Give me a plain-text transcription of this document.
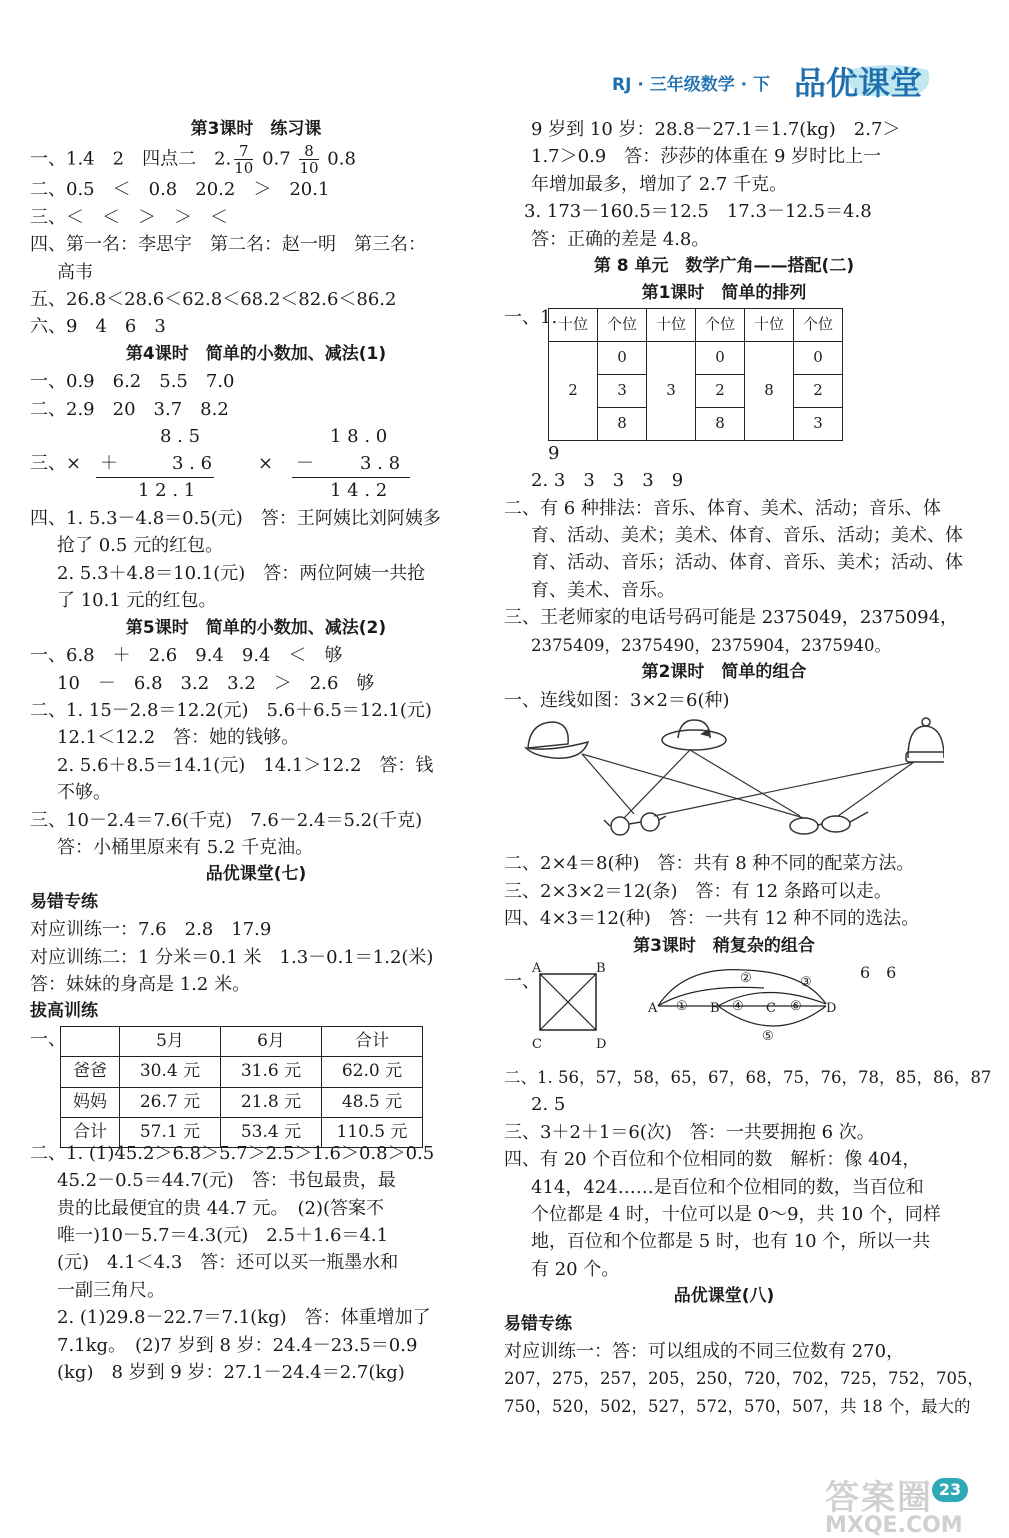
RJ · 三年级数学 · 下 品优课堂
第3课时　练习课
一、1.4　2　四点二　2. $\frac{7}{10} 0.7 \frac{8}{10} 0.8$
二、0.5　＜　0.8　20.2　＞　20.1
三、＜　＜　＞　＞　＜
四、第一名：李思宇　第二名：赵一明　第三名：
高韦
五、26.8＜28.6＜62.8＜68.2＜82.6＜86.2
六、9　4　6　3
第4课时　简单的小数加、减法(1)
一、0.9　6.2　5.5　7.0
二、2.9　20　3.7　8.2
三、×
8 . 5
＋	3 . 6
1 2 . 1
×
1 8 . 0
－	3 . 8
1 4 . 2
四、1. 5.3－4.8＝0.5(元)　答：王阿姨比刘阿姨多
抢了 0.5 元的红包。
2. 5.3＋4.8＝10.1(元)　答：两位阿姨一共抢
了 10.1 元的红包。
第5课时　简单的小数加、减法(2)
一、6.8　＋　2.6　9.4　9.4　＜　够
10　－　6.8　3.2　3.2　＞　2.6　够
二、1. 15－2.8＝12.2(元)　5.6＋6.5＝12.1(元)
12.1＜12.2　答：她的钱够。
2. 5.6＋8.5＝14.1(元)　14.1＞12.2　答：钱
不够。
三、10－2.4＝7.6(千克)　7.6－2.4＝5.2(千克)
答：小桶里原来有 5.2 千克油。
品优课堂(七)
易错专练
对应训练一：7.6　2.8　17.9
对应训练二：1 分米＝0.1 米　1.3－0.1＝1.2(米)
答：妹妹的身高是 1.2 米。
拔高训练
一、
		5月	6月	合计
爸爸	30.4 元	31.6 元	62.0 元
妈妈	26.7 元	21.8 元	48.5 元
合计	57.1 元	53.4 元	110.5 元
二、1. (1)45.2＞6.8＞5.7＞2.5＞1.6＞0.8＞0.5
45.2－0.5＝44.7(元)　答：书包最贵，最
贵的比最便宜的贵 44.7 元。　(2)(答案不
唯一)10－5.7＝4.3(元)　2.5＋1.6＝4.1
(元)　4.1＜4.3　答：还可以买一瓶墨水和
一副三角尺。
2. (1)29.8－22.7＝7.1(kg)　答：体重增加了
7.1kg。　(2)7 岁到 8 岁：24.4－23.5＝0.9
(kg)　8 岁到 9 岁：27.1－24.4＝2.7(kg)
9 岁到 10 岁：28.8－27.1＝1.7(kg)　2.7＞
1.7＞0.9　答：莎莎的体重在 9 岁时比上一
年增加最多，增加了 2.7 千克。
3. 173－160.5＝12.5　17.3－12.5＝4.8
答：正确的差是 4.8。
第 8 单元　数学广角——搭配(二)
第1课时　简单的排列
一、1. 十位	个位	十位	个位	十位	个位
2	0	3	0	8	0
	3		2		2
	8		8		3
9
2. 3　3　3　3　9
二、有 6 种排法：音乐、体育、美术、活动；音乐、体
育、活动、美术；美术、体育、音乐、活动；美术、体
育、活动、音乐；活动、体育、音乐、美术；活动、体
育、美术、音乐。
三、王老师家的电话号码可能是 2375049，2375094，
2375409，2375490，2375904，2375940。
第2课时　简单的组合
一、连线如图：3×2＝6(种)
二、2×4＝8(种)　答：共有 8 种不同的配菜方法。
三、2×3×2＝12(条)　答：有 12 条路可以走。
四、4×3＝12(种)　答：一共有 12 种不同的选法。
第3课时　稍复杂的组合
一、
A	B
C	D
A ① B ④ C ⑥ D
②	③
⑤
6　6
二、1. 56，57，58，65，67，68，75，76，78，85，86，87
2. 5
三、3＋2＋1＝6(次)　答：一共要拥抱 6 次。
四、有 20 个百位和个位相同的数　解析：像 404，
414，424……是百位和个位相同的数，当百位和
个位都是 4 时，十位可以是 0～9，共 10 个，同样
地，百位和个位都是 5 时，也有 10 个，所以一共
有 20 个。
品优课堂(八)
易错专练
对应训练一：答：可以组成的不同三位数有 270，
207，275，257，205，250，720，702，725，752，705，
750，520，502，527，572，570，507，共 18 个，最大的
23
答案圈
MXQE.COM
